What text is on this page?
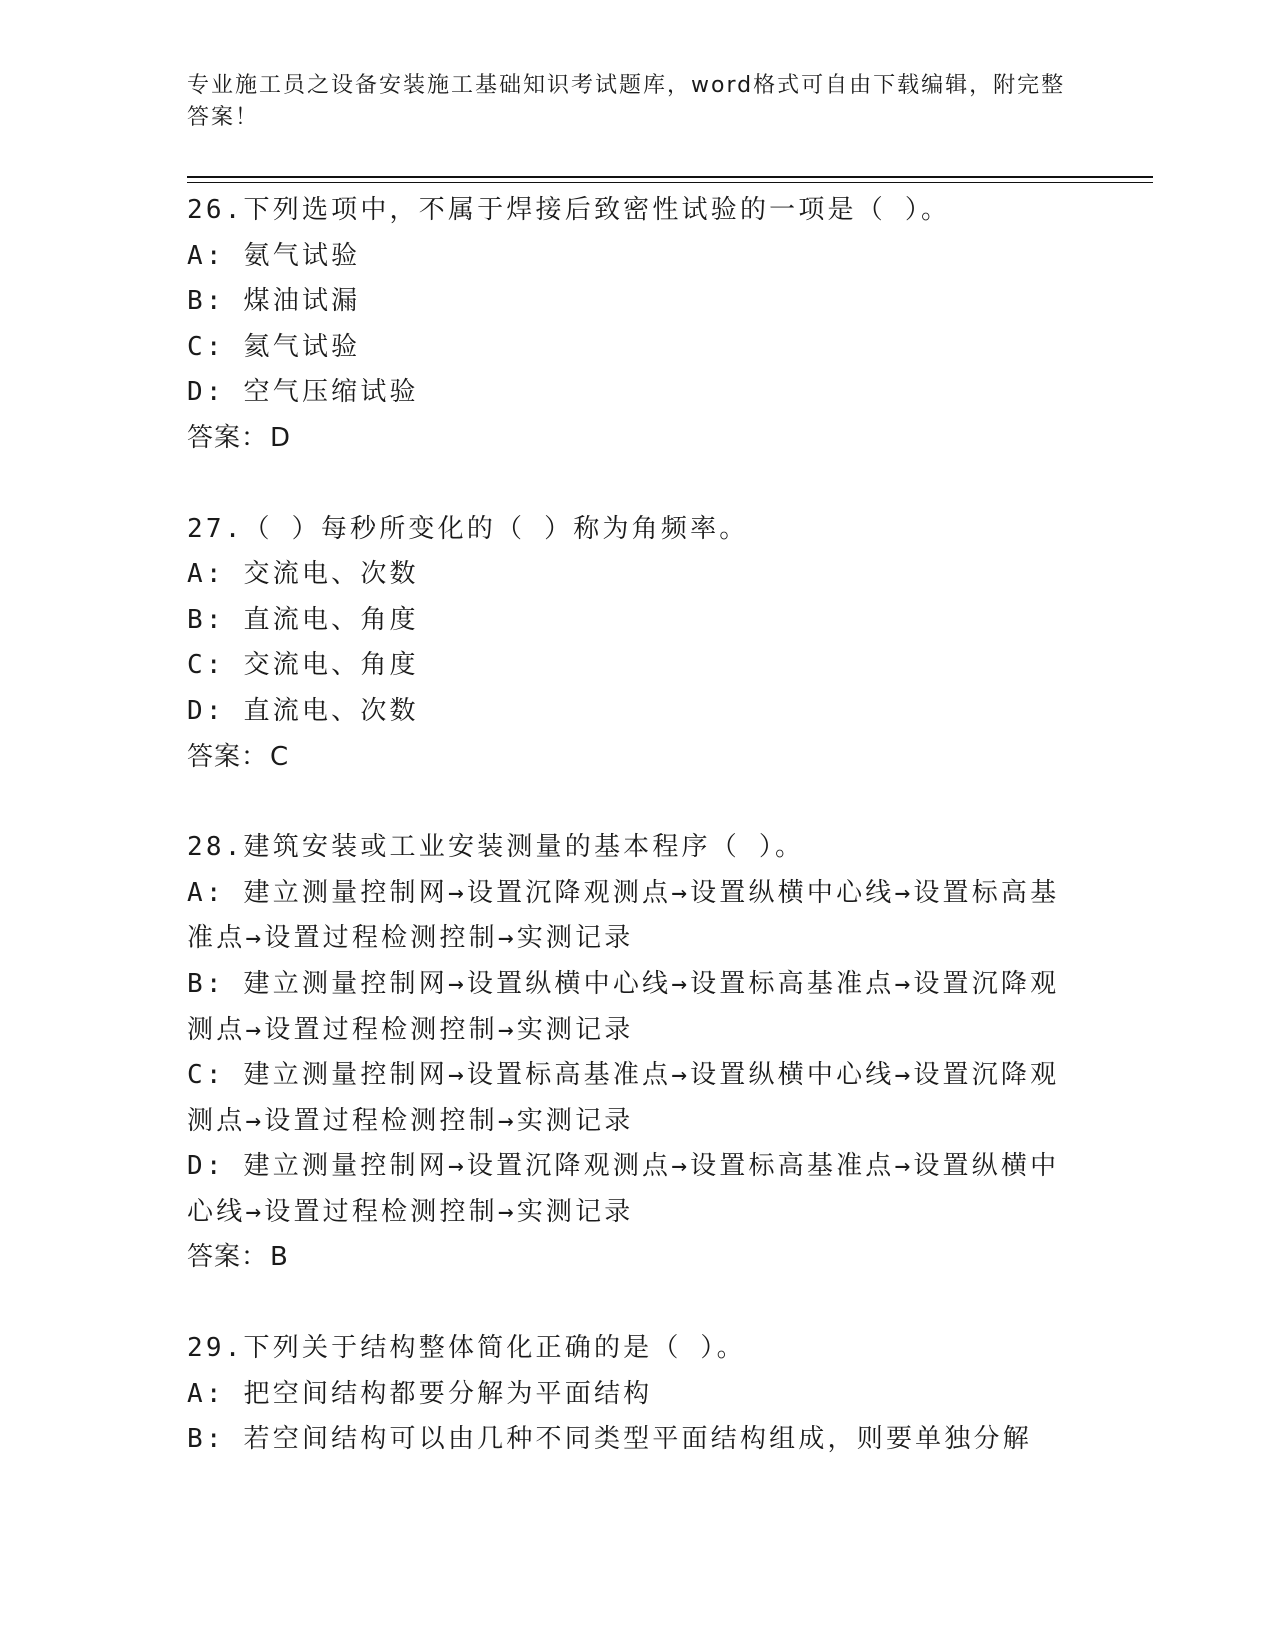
专业施工员之设备安装施工基础知识考试题库，word格式可自由下载编辑，附完整答案！
26.下列选项中，不属于焊接后致密性试验的一项是（ ）。
A: 氨气试验
B: 煤油试漏
C: 氦气试验
D: 空气压缩试验
答案：D
27.（ ）每秒所变化的（ ）称为角频率。
A: 交流电、次数
B: 直流电、角度
C: 交流电、角度
D: 直流电、次数
答案：C
28.建筑安装或工业安装测量的基本程序（ ）。
A: 建立测量控制网→设置沉降观测点→设置纵横中心线→设置标高基准点→设置过程检测控制→实测记录
B: 建立测量控制网→设置纵横中心线→设置标高基准点→设置沉降观测点→设置过程检测控制→实测记录
C: 建立测量控制网→设置标高基准点→设置纵横中心线→设置沉降观测点→设置过程检测控制→实测记录
D: 建立测量控制网→设置沉降观测点→设置标高基准点→设置纵横中心线→设置过程检测控制→实测记录
答案：B
29.下列关于结构整体简化正确的是（ ）。
A: 把空间结构都要分解为平面结构
B: 若空间结构可以由几种不同类型平面结构组成，则要单独分解
